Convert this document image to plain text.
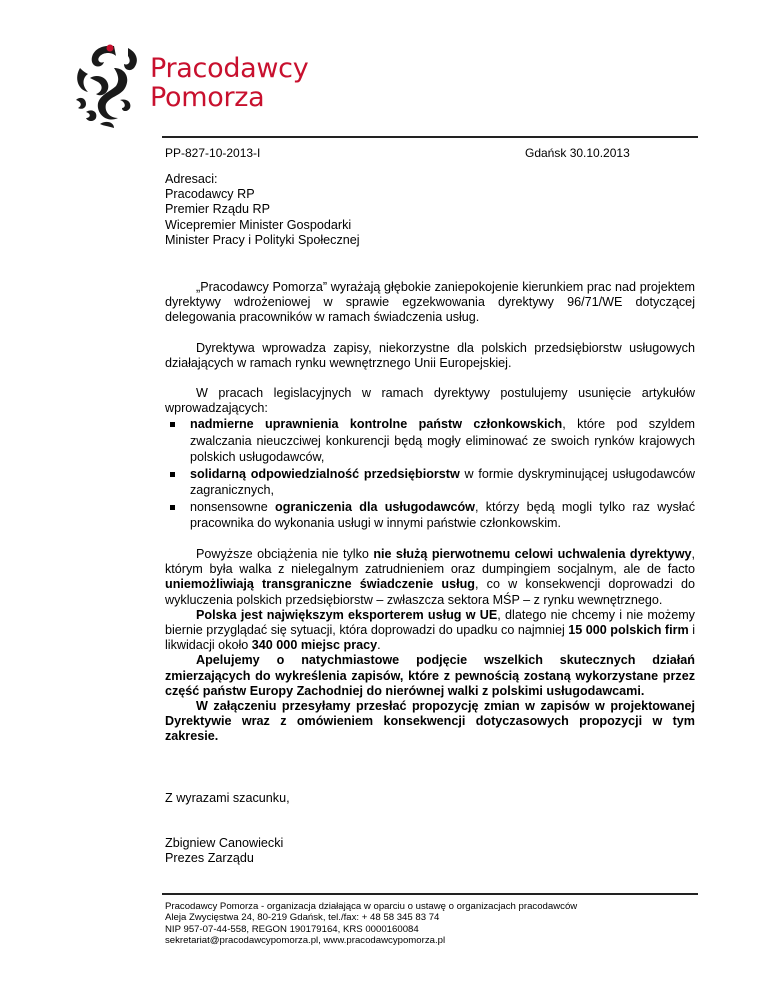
Pracodawcy
Pomorza
PP-827-10-2013-I	Gdańsk 30.10.2013
Adresaci:
Pracodawcy RP
Premier Rządu RP
Wicepremier Minister Gospodarki
Minister Pracy i Polityki Społecznej

„Pracodawcy Pomorza” wyrażają głębokie zaniepokojenie kierunkiem prac nad projektem dyrektywy wdrożeniowej w sprawie egzekwowania dyrektywy 96/71/WE dotyczącej delegowania pracowników w ramach świadczenia usług.

Dyrektywa wprowadza zapisy, niekorzystne dla polskich przedsiębiorstw usługowych działających w ramach rynku wewnętrznego Unii Europejskiej.

W pracach legislacyjnych w ramach dyrektywy postulujemy usunięcie artykułów wprowadzających:

nadmierne uprawnienia kontrolne państw członkowskich, które pod szyldem zwalczania nieuczciwej konkurencji będą mogły eliminować ze swoich rynków krajowych polskich usługodawców,
solidarną odpowiedzialność przedsiębiorstw w formie dyskryminującej usługodawców zagranicznych,
nonsensowne ograniczenia dla usługodawców, którzy będą mogli tylko raz wysłać pracownika do wykonania usługi w innymi państwie członkowskim.

Powyższe obciążenia nie tylko nie służą pierwotnemu celowi uchwalenia dyrektywy, którym była walka z nielegalnym zatrudnieniem oraz dumpingiem socjalnym, ale de facto uniemożliwiają transgraniczne świadczenie usług, co w konsekwencji doprowadzi do wykluczenia polskich przedsiębiorstw – zwłaszcza sektora MŚP – z rynku wewnętrznego.

Polska jest największym eksporterem usług w UE, dlatego nie chcemy i nie możemy biernie przyglądać się sytuacji, która doprowadzi do upadku co najmniej 15 000 polskich firm i likwidacji około 340 000 miejsc pracy.

Apelujemy o natychmiastowe podjęcie wszelkich skutecznych działań zmierzających do wykreślenia zapisów, które z pewnością zostaną wykorzystane przez część państw Europy Zachodniej do nierównej walki z polskimi usługodawcami.

W załączeniu przesyłamy przesłać propozycję zmian w zapisów w projektowanej Dyrektywie wraz z omówieniem konsekwencji dotyczasowych propozycji w tym zakresie.

Z wyrazami szacunku,

Zbigniew Canowiecki
Prezes Zarządu
Pracodawcy Pomorza - organizacja działająca w oparciu o ustawę o organizacjach pracodawców
Aleja Zwycięstwa 24, 80-219 Gdańsk, tel./fax: + 48 58 345 83 74
NIP 957-07-44-558, REGON 190179164, KRS 0000160084
sekretariat@pracodawcypomorza.pl, www.pracodawcypomorza.pl
